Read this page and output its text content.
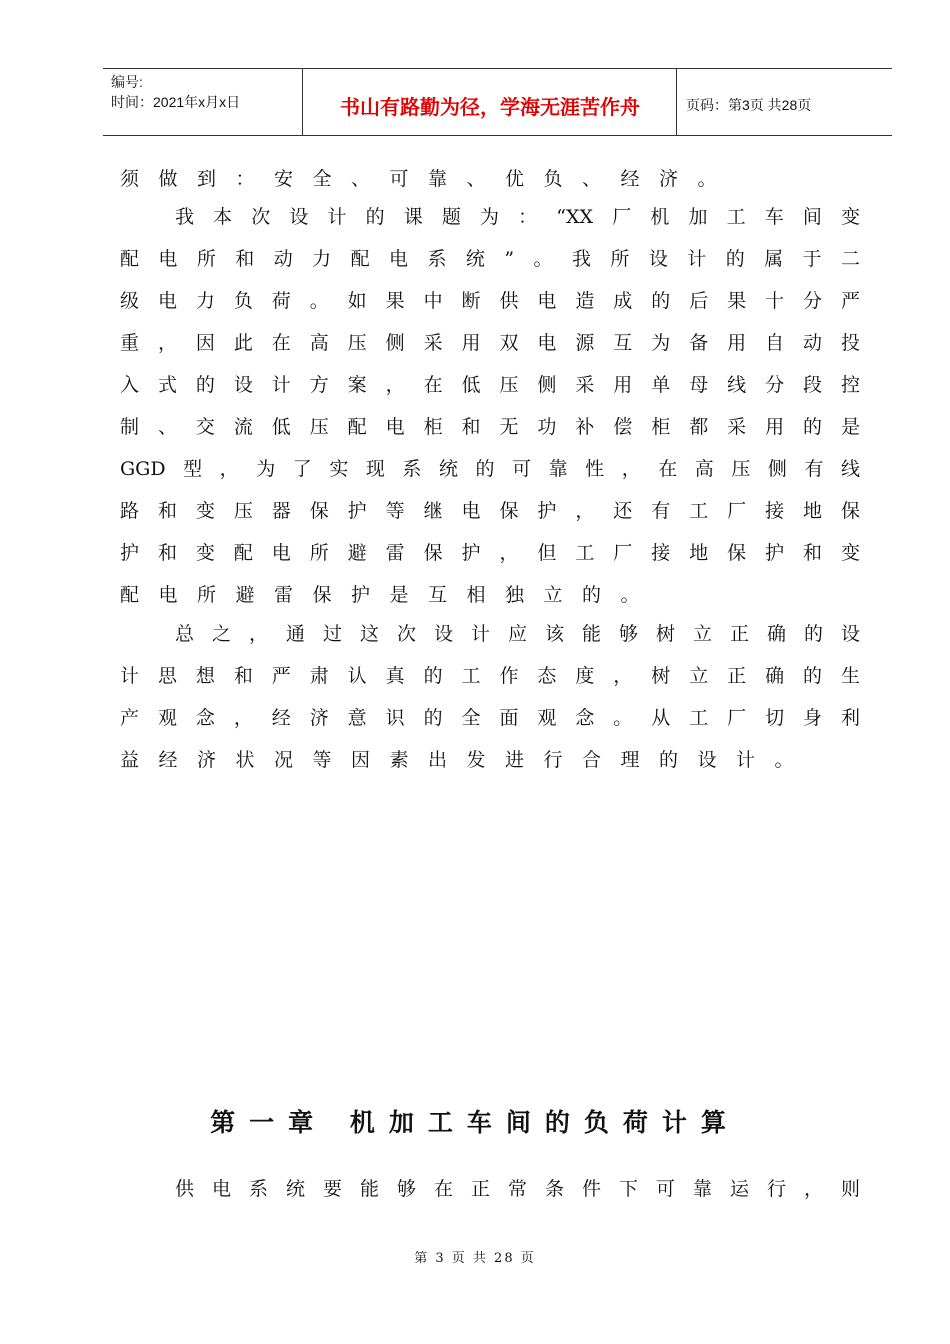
编号:
时间：2021年x月x日	书山有路勤为径，学海无涯苦作舟	页码：第3页 共28页
须做到：安全、可靠、优负、经济。
我本次设计的课题为：“XX厂机加工车间变
配电所和动力配电系统”。我所设计的属于二
级电力负荷。如果中断供电造成的后果十分严
重，因此在高压侧采用双电源互为备用自动投
入式的设计方案，在低压侧采用单母线分段控
制、交流低压配电柜和无功补偿柜都采用的是
GGD型，为了实现系统的可靠性，在高压侧有线
路和变压器保护等继电保护，还有工厂接地保
护和变配电所避雷保护，但工厂接地保护和变
配电所避雷保护是互相独立的。
总之，通过这次设计应该能够树立正确的设
计思想和严肃认真的工作态度，树立正确的生
产观念，经济意识的全面观念。从工厂切身利
益经济状况等因素出发进行合理的设计。
第一章 机加工车间的负荷计算
供电系统要能够在正常条件下可靠运行，则
第 3 页 共 28 页
